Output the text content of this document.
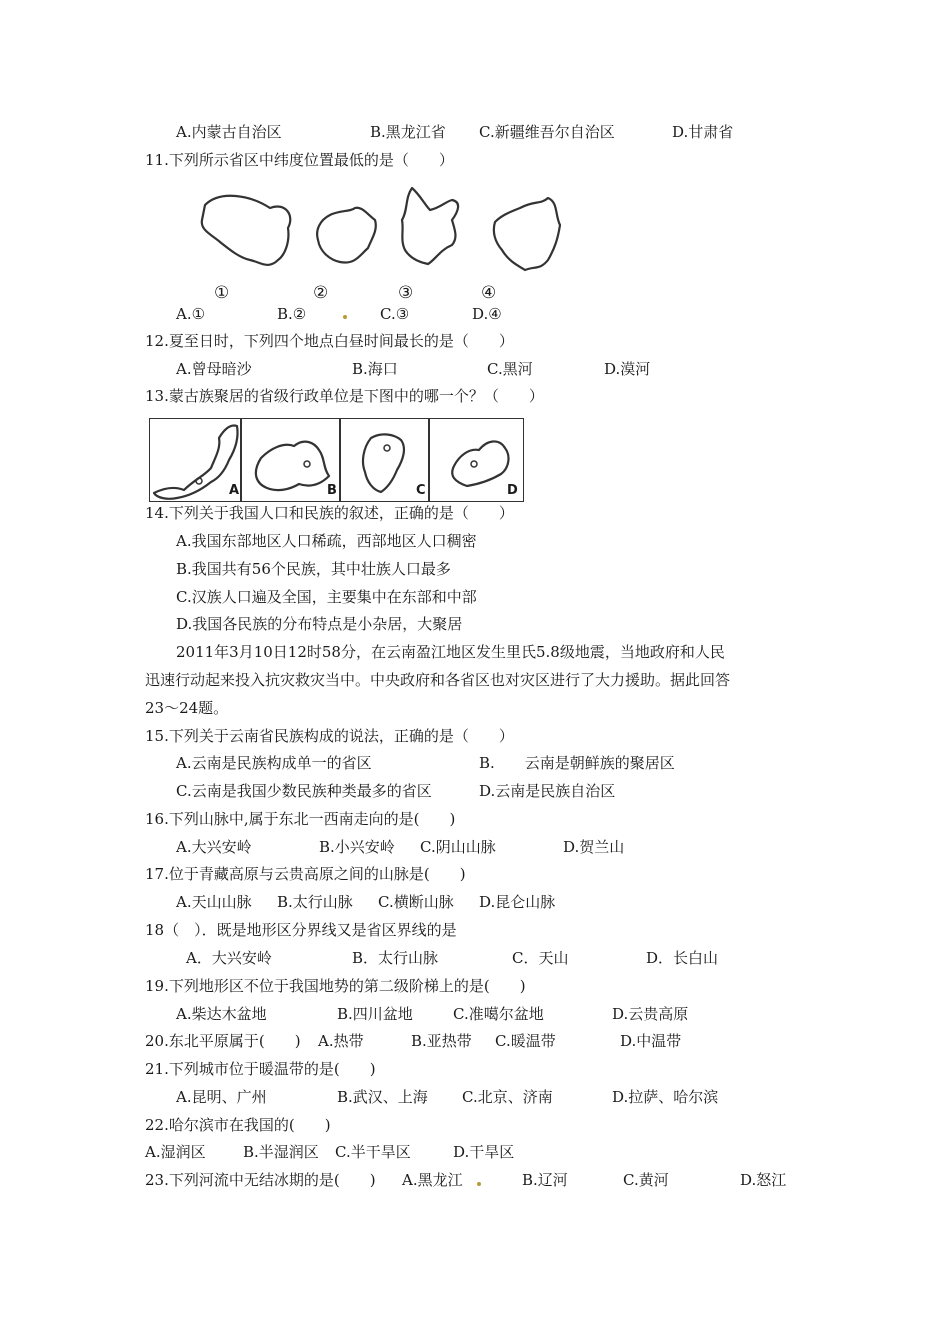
A.内蒙古自治区	B.黑龙江省 C.新疆维吾尔自治区	D.甘肃省
11.下列所示省区中纬度位置最低的是（　　）
①	②	③	④
A.①	B.②	C.③	D.④
12.夏至日时，下列四个地点白昼时间最长的是（　　）
A.曾母暗沙	B.海口	C.黑河	D.漠河
13.蒙古族聚居的省级行政单位是下图中的哪一个？（　　）
A	B	C	D
14.下列关于我国人口和民族的叙述，正确的是（　　）
A.我国东部地区人口稀疏，西部地区人口稠密
B.我国共有56个民族，其中壮族人口最多
C.汉族人口遍及全国，主要集中在东部和中部
D.我国各民族的分布特点是小杂居，大聚居
2011年3月10日12时58分，在云南盈江地区发生里氏5.8级地震，当地政府和人民
迅速行动起来投入抗灾救灾当中。中央政府和各省区也对灾区进行了大力援助。据此回答
23～24题。
15.下列关于云南省民族构成的说法，正确的是（　　）
A.云南是民族构成单一的省区	B.　　云南是朝鲜族的聚居区
C.云南是我国少数民族种类最多的省区	D.云南是民族自治区
16.下列山脉中,属于东北一西南走向的是(　　)
A.大兴安岭	B.小兴安岭 C.阴山山脉	D.贺兰山
17.位于青藏高原与云贵高原之间的山脉是(　　)
A.天山山脉 B.太行山脉 C.横断山脉 D.昆仑山脉
18（　）．既是地形区分界线又是省区界线的是
A．大兴安岭	B．太行山脉	C．天山	D．长白山
19.下列地形区不位于我国地势的第二级阶梯上的是(　　)
A.柴达木盆地	B.四川盆地	C.准噶尔盆地	D.云贵高原
20.东北平原属于(　　) A.热带	B.亚热带 C.暖温带	D.中温带
21.下列城市位于暖温带的是(　　)
A.昆明、广州	B.武汉、上海 C.北京、济南	D.拉萨、哈尔滨
22.哈尔滨市在我国的(　　)
A.湿润区 B.半湿润区 C.半干旱区	D.干旱区
23.下列河流中无结冰期的是(　　) A.黑龙江	B.辽河	C.黄河	D.怒江
